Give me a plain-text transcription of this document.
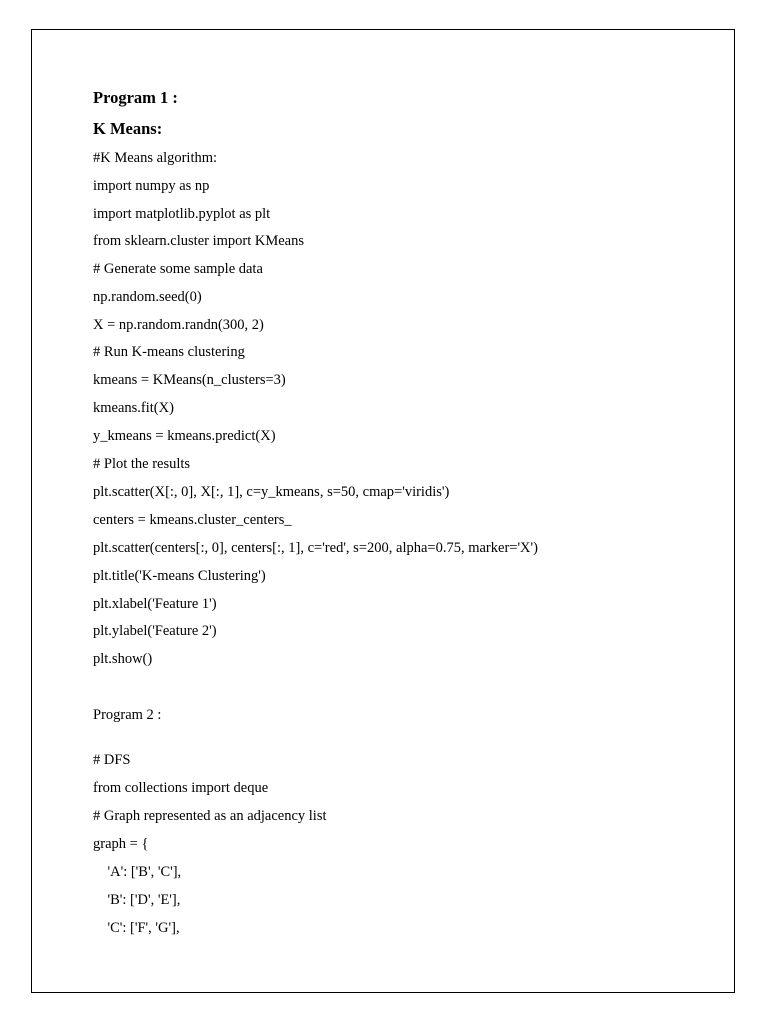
Program 1 :
K Means:
#K Means algorithm:
import numpy as np
import matplotlib.pyplot as plt
from sklearn.cluster import KMeans
# Generate some sample data
np.random.seed(0)
X = np.random.randn(300, 2)
# Run K-means clustering
kmeans = KMeans(n_clusters=3)
kmeans.fit(X)
y_kmeans = kmeans.predict(X)
# Plot the results
plt.scatter(X[:, 0], X[:, 1], c=y_kmeans, s=50, cmap='viridis')
centers = kmeans.cluster_centers_
plt.scatter(centers[:, 0], centers[:, 1], c='red', s=200, alpha=0.75, marker='X')
plt.title('K-means Clustering')
plt.xlabel('Feature 1')
plt.ylabel('Feature 2')
plt.show()
Program 2 :
# DFS
from collections import deque
# Graph represented as an adjacency list
graph = {
'A': ['B', 'C'],
'B': ['D', 'E'],
'C': ['F', 'G'],
